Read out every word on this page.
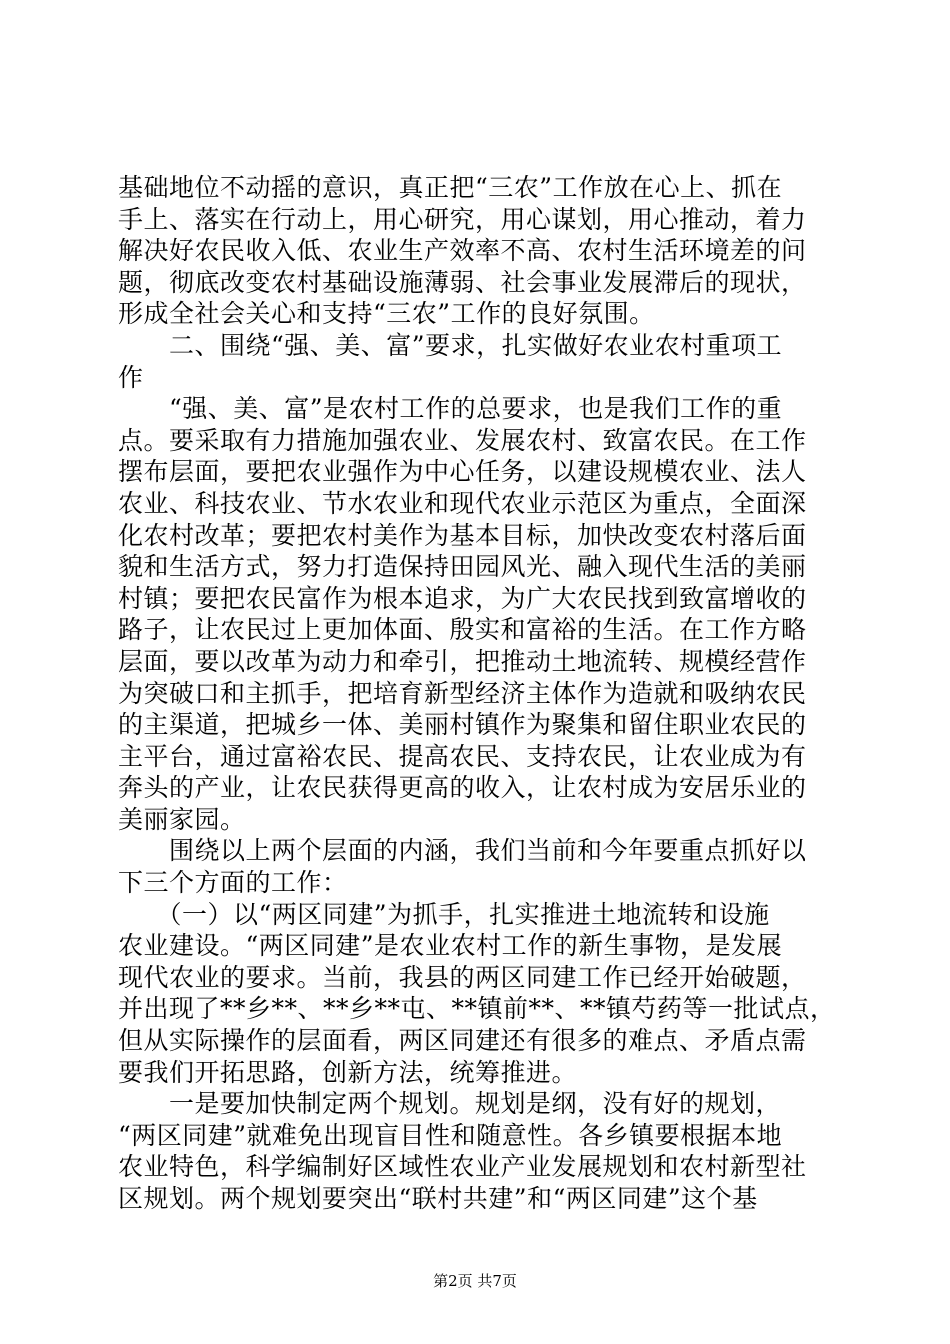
基础地位不动摇的意识，真正把“三农”工作放在心上、抓在
手上、落实在行动上，用心研究，用心谋划，用心推动，着力
解决好农民收入低、农业生产效率不高、农村生活环境差的问
题，彻底改变农村基础设施薄弱、社会事业发展滞后的现状，
形成全社会关心和支持“三农”工作的良好氛围。
　　二、围绕“强、美、富”要求，扎实做好农业农村重项工
作
　　“强、美、富”是农村工作的总要求，也是我们工作的重
点。要采取有力措施加强农业、发展农村、致富农民。在工作
摆布层面，要把农业强作为中心任务，以建设规模农业、法人
农业、科技农业、节水农业和现代农业示范区为重点，全面深
化农村改革；要把农村美作为基本目标，加快改变农村落后面
貌和生活方式，努力打造保持田园风光、融入现代生活的美丽
村镇；要把农民富作为根本追求，为广大农民找到致富增收的
路子，让农民过上更加体面、殷实和富裕的生活。在工作方略
层面，要以改革为动力和牵引，把推动土地流转、规模经营作
为突破口和主抓手，把培育新型经济主体作为造就和吸纳农民
的主渠道，把城乡一体、美丽村镇作为聚集和留住职业农民的
主平台，通过富裕农民、提高农民、支持农民，让农业成为有
奔头的产业，让农民获得更高的收入，让农村成为安居乐业的
美丽家园。
　　围绕以上两个层面的内涵，我们当前和今年要重点抓好以
下三个方面的工作：
　　（一）以“两区同建”为抓手，扎实推进土地流转和设施
农业建设。“两区同建”是农业农村工作的新生事物，是发展
现代农业的要求。当前，我县的两区同建工作已经开始破题，
并出现了**乡**、**乡**屯、**镇前**、**镇芍药等一批试点，
但从实际操作的层面看，两区同建还有很多的难点、矛盾点需
要我们开拓思路，创新方法，统筹推进。
　　一是要加快制定两个规划。规划是纲，没有好的规划，
“两区同建”就难免出现盲目性和随意性。各乡镇要根据本地
农业特色，科学编制好区域性农业产业发展规划和农村新型社
区规划。两个规划要突出“联村共建”和“两区同建”这个基
第2页 共7页
